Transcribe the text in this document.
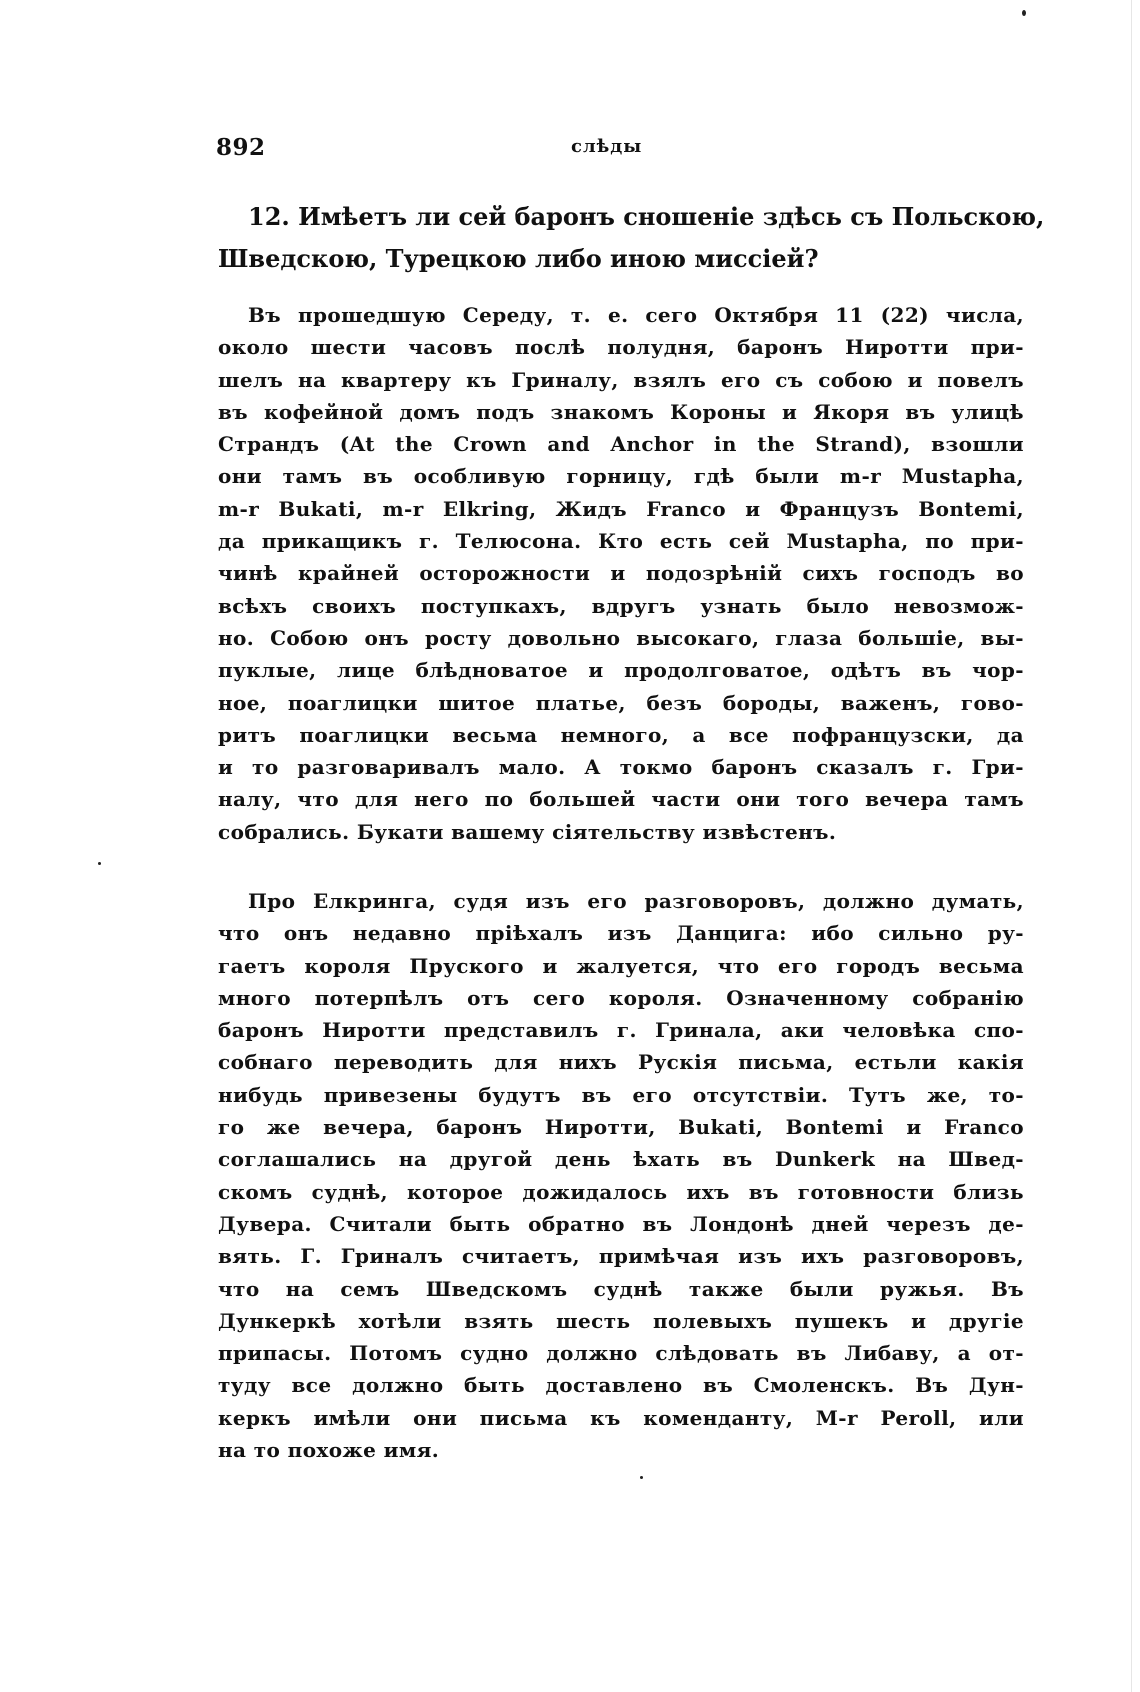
892	слѣды
12. Имѣетъ ли сей баронъ сношеніе здѣсь съ Польскою,
Шведскою, Турецкою либо иною миссіей?
Въ прошедшую Середу, т. е. сего Октября 11 (22) числа,
около шести часовъ послѣ полудня, баронъ Ниротти при-
шелъ на квартеру къ Гриналу, взялъ его съ собою и повелъ
въ кофейной домъ подъ знакомъ Короны и Якоря въ улицѣ
Страндъ (At the Crown and Anchor in the Strand), взошли
они тамъ въ особливую горницу, гдѣ были m-r Mustapha,
m-r Bukati, m-r Elkring, Жидъ Franco и Французъ Bontemi,
да прикащикъ г. Телюсона. Кто есть сей Mustapha, по при-
чинѣ крайней осторожности и подозрѣній сихъ господъ во
всѣхъ своихъ поступкахъ, вдругъ узнать было невозмож-
но. Собою онъ росту довольно высокаго, глаза большіе, вы-
пуклые, лице блѣдноватое и продолговатое, одѣтъ въ чор-
ное, поаглицки шитое платье, безъ бороды, важенъ, гово-
ритъ поаглицки весьма немного, а все пофранцузски, да
и то разговаривалъ мало. А токмо баронъ сказалъ г. Гри-
налу, что для него по большей части они того вечера тамъ
собрались. Букати вашему сіятельству извѣстенъ.
Про Елкринга, судя изъ его разговоровъ, должно думать,
что онъ недавно пріѣхалъ изъ Данцига: ибо сильно ру-
гаетъ короля Пруского и жалуется, что его городъ весьма
много потерпѣлъ отъ сего короля. Означенному собранію
баронъ Ниротти представилъ г. Гринала, аки человѣка спо-
собнаго переводить для нихъ Рускія письма, естьли какія
нибудь привезены будутъ въ его отсутствіи. Тутъ же, то-
го же вечера, баронъ Ниротти, Bukati, Bontemi и Franco
соглашались на другой день ѣхать въ Dunkerk на Швед-
скомъ суднѣ, которое дожидалось ихъ въ готовности близь
Дувера. Считали быть обратно въ Лондонѣ дней черезъ де-
вять. Г. Гриналъ считаетъ, примѣчая изъ ихъ разговоровъ,
что на семъ Шведскомъ суднѣ также были ружья. Въ
Дункеркѣ хотѣли взять шесть полевыхъ пушекъ и другіе
припасы. Потомъ судно должно слѣдовать въ Либаву, а от-
туду все должно быть доставлено въ Смоленскъ. Въ Дун-
керкъ имѣли они письма къ коменданту, M-r Peroll, или
на то похоже имя.
